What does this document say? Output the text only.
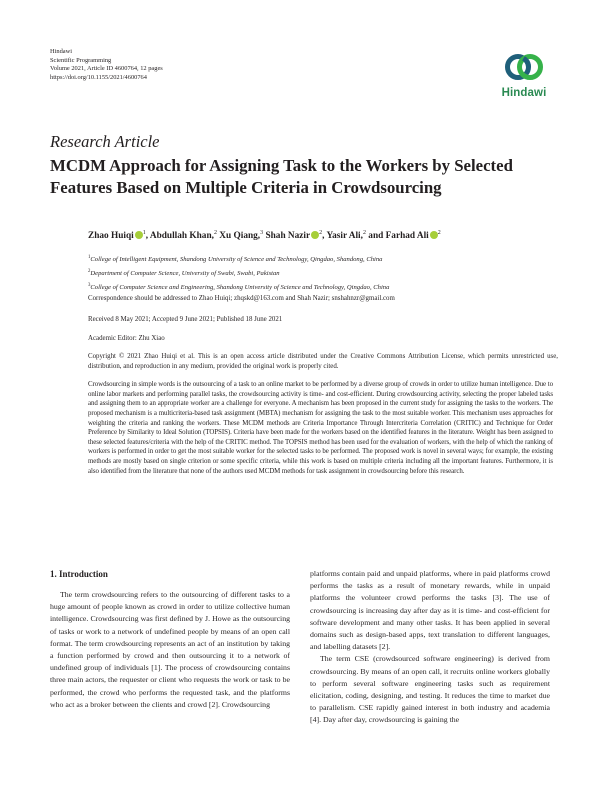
Hindawi
Scientific Programming
Volume 2021, Article ID 4600764, 12 pages
https://doi.org/10.1155/2021/4600764
Hindawi
Research Article
MCDM Approach for Assigning Task to the Workers by Selected Features Based on Multiple Criteria in Crowdsourcing
Zhao Huiqi $^1$, Abdullah Khan,$^2$ Xu Qiang,$^3$ Shah Nazir $^2$, Yasir Ali,$^2$ and Farhad Ali $^2$
$^1$College of Intelligent Equipment, Shandong University of Science and Technology, Qingdao, Shandong, China
$^2$Department of Computer Science, University of Swabi, Swabi, Pakistan
$^3$College of Computer Science and Engineering, Shandong University of Science and Technology, Qingdao, China
Correspondence should be addressed to Zhao Huiqi; zhqskd@163.com and Shah Nazir; snshahnzr@gmail.com
Received 8 May 2021; Accepted 9 June 2021; Published 18 June 2021
Academic Editor: Zhu Xiao
Copyright © 2021 Zhao Huiqi et al. This is an open access article distributed under the Creative Commons Attribution License, which permits unrestricted use, distribution, and reproduction in any medium, provided the original work is properly cited.
Crowdsourcing in simple words is the outsourcing of a task to an online market to be performed by a diverse group of crowds in order to utilize human intelligence. Due to online labor markets and performing parallel tasks, the crowdsourcing activity is time- and cost-efficient. During crowdsourcing activity, selecting the proper labeled tasks and assigning them to an appropriate worker are a challenge for everyone. A mechanism has been proposed in the current study for assigning the tasks to the workers. The proposed mechanism is a multicriteria-based task assignment (MBTA) mechanism for assigning the task to the most suitable worker. This mechanism uses approaches for weighting the criteria and ranking the workers. These MCDM methods are Criteria Importance Through Intercriteria Correlation (CRITIC) and Technique for Order Preference by Similarity to Ideal Solution (TOPSIS). Criteria have been made for the workers based on the identified features in the literature. Weight has been assigned to these selected features/criteria with the help of the CRITIC method. The TOPSIS method has been used for the evaluation of workers, with the help of which the ranking of workers is performed in order to get the most suitable worker for the selected tasks to be performed. The proposed work is novel in several ways; for example, the existing methods are mostly based on single criterion or some specific criteria, while this work is based on multiple criteria including all the important features. Furthermore, it is also identified from the literature that none of the authors used MCDM methods for task assignment in crowdsourcing before this research.
1. Introduction

The term crowdsourcing refers to the outsourcing of different tasks to a huge amount of people known as crowd in order to utilize collective human intelligence. Crowdsourcing was first defined by J. Howe as the outsourcing of tasks or work to a network of undefined people by means of an open call format. The term crowdsourcing represents an act of an institution by taking a function performed by crowd and then outsourcing it to a network of undefined group of individuals [1]. The process of crowdsourcing contains three main actors, the requester or client who requests the work or task to be performed, the crowd who performs the requested task, and the platforms who act as a broker between the clients and crowd [2]. Crowdsourcing

platforms contain paid and unpaid platforms, where in paid platforms crowd performs the tasks as a result of monetary rewards, while in unpaid platforms the volunteer crowd performs the tasks [3]. The use of crowdsourcing is increasing day after day as it is time- and cost-efficient for software development and many other tasks. It has been applied in several domains such as design-based apps, text translation to different languages, and labelling datasets [2].

The term CSE (crowdsourced software engineering) is derived from crowdsourcing. By means of an open call, it recruits online workers globally to perform several software engineering tasks such as requirement elicitation, coding, designing, and testing. It reduces the time to market due to parallelism. CSE rapidly gained interest in both industry and academia [4]. Day after day, crowdsourcing is gaining the
